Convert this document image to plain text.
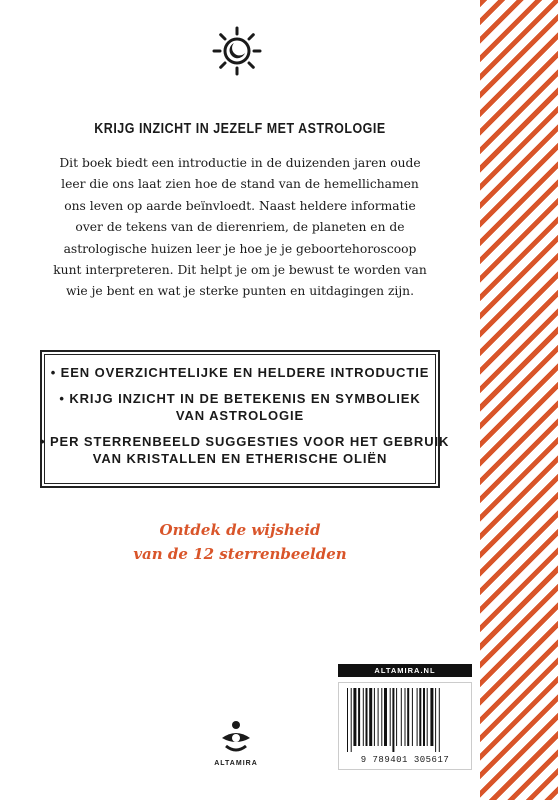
KRIJG INZICHT IN JEZELF MET ASTROLOGIE
Dit boek biedt een introductie in de duizenden jaren oude
leer die ons laat zien hoe de stand van de hemellichamen
ons leven op aarde beïnvloedt. Naast heldere informatie
over de tekens van de dierenriem, de planeten en de
astrologische huizen leer je hoe je je geboortehoroscoop
kunt interpreteren. Dit helpt je om je bewust te worden van
wie je bent en wat je sterke punten en uitdagingen zijn.
• EEN OVERZICHTELIJKE EN HELDERE INTRODUCTIE
• KRIJG INZICHT IN DE BETEKENIS EN SYMBOLIEK
VAN ASTROLOGIE
• PER STERRENBEELD SUGGESTIES VOOR HET GEBRUIK
VAN KRISTALLEN EN ETHERISCHE OLIËN
Ontdek de wijsheid
van de 12 sterrenbeelden
ALTAMIRA
ALTAMIRA.NL
9 789401 305617
